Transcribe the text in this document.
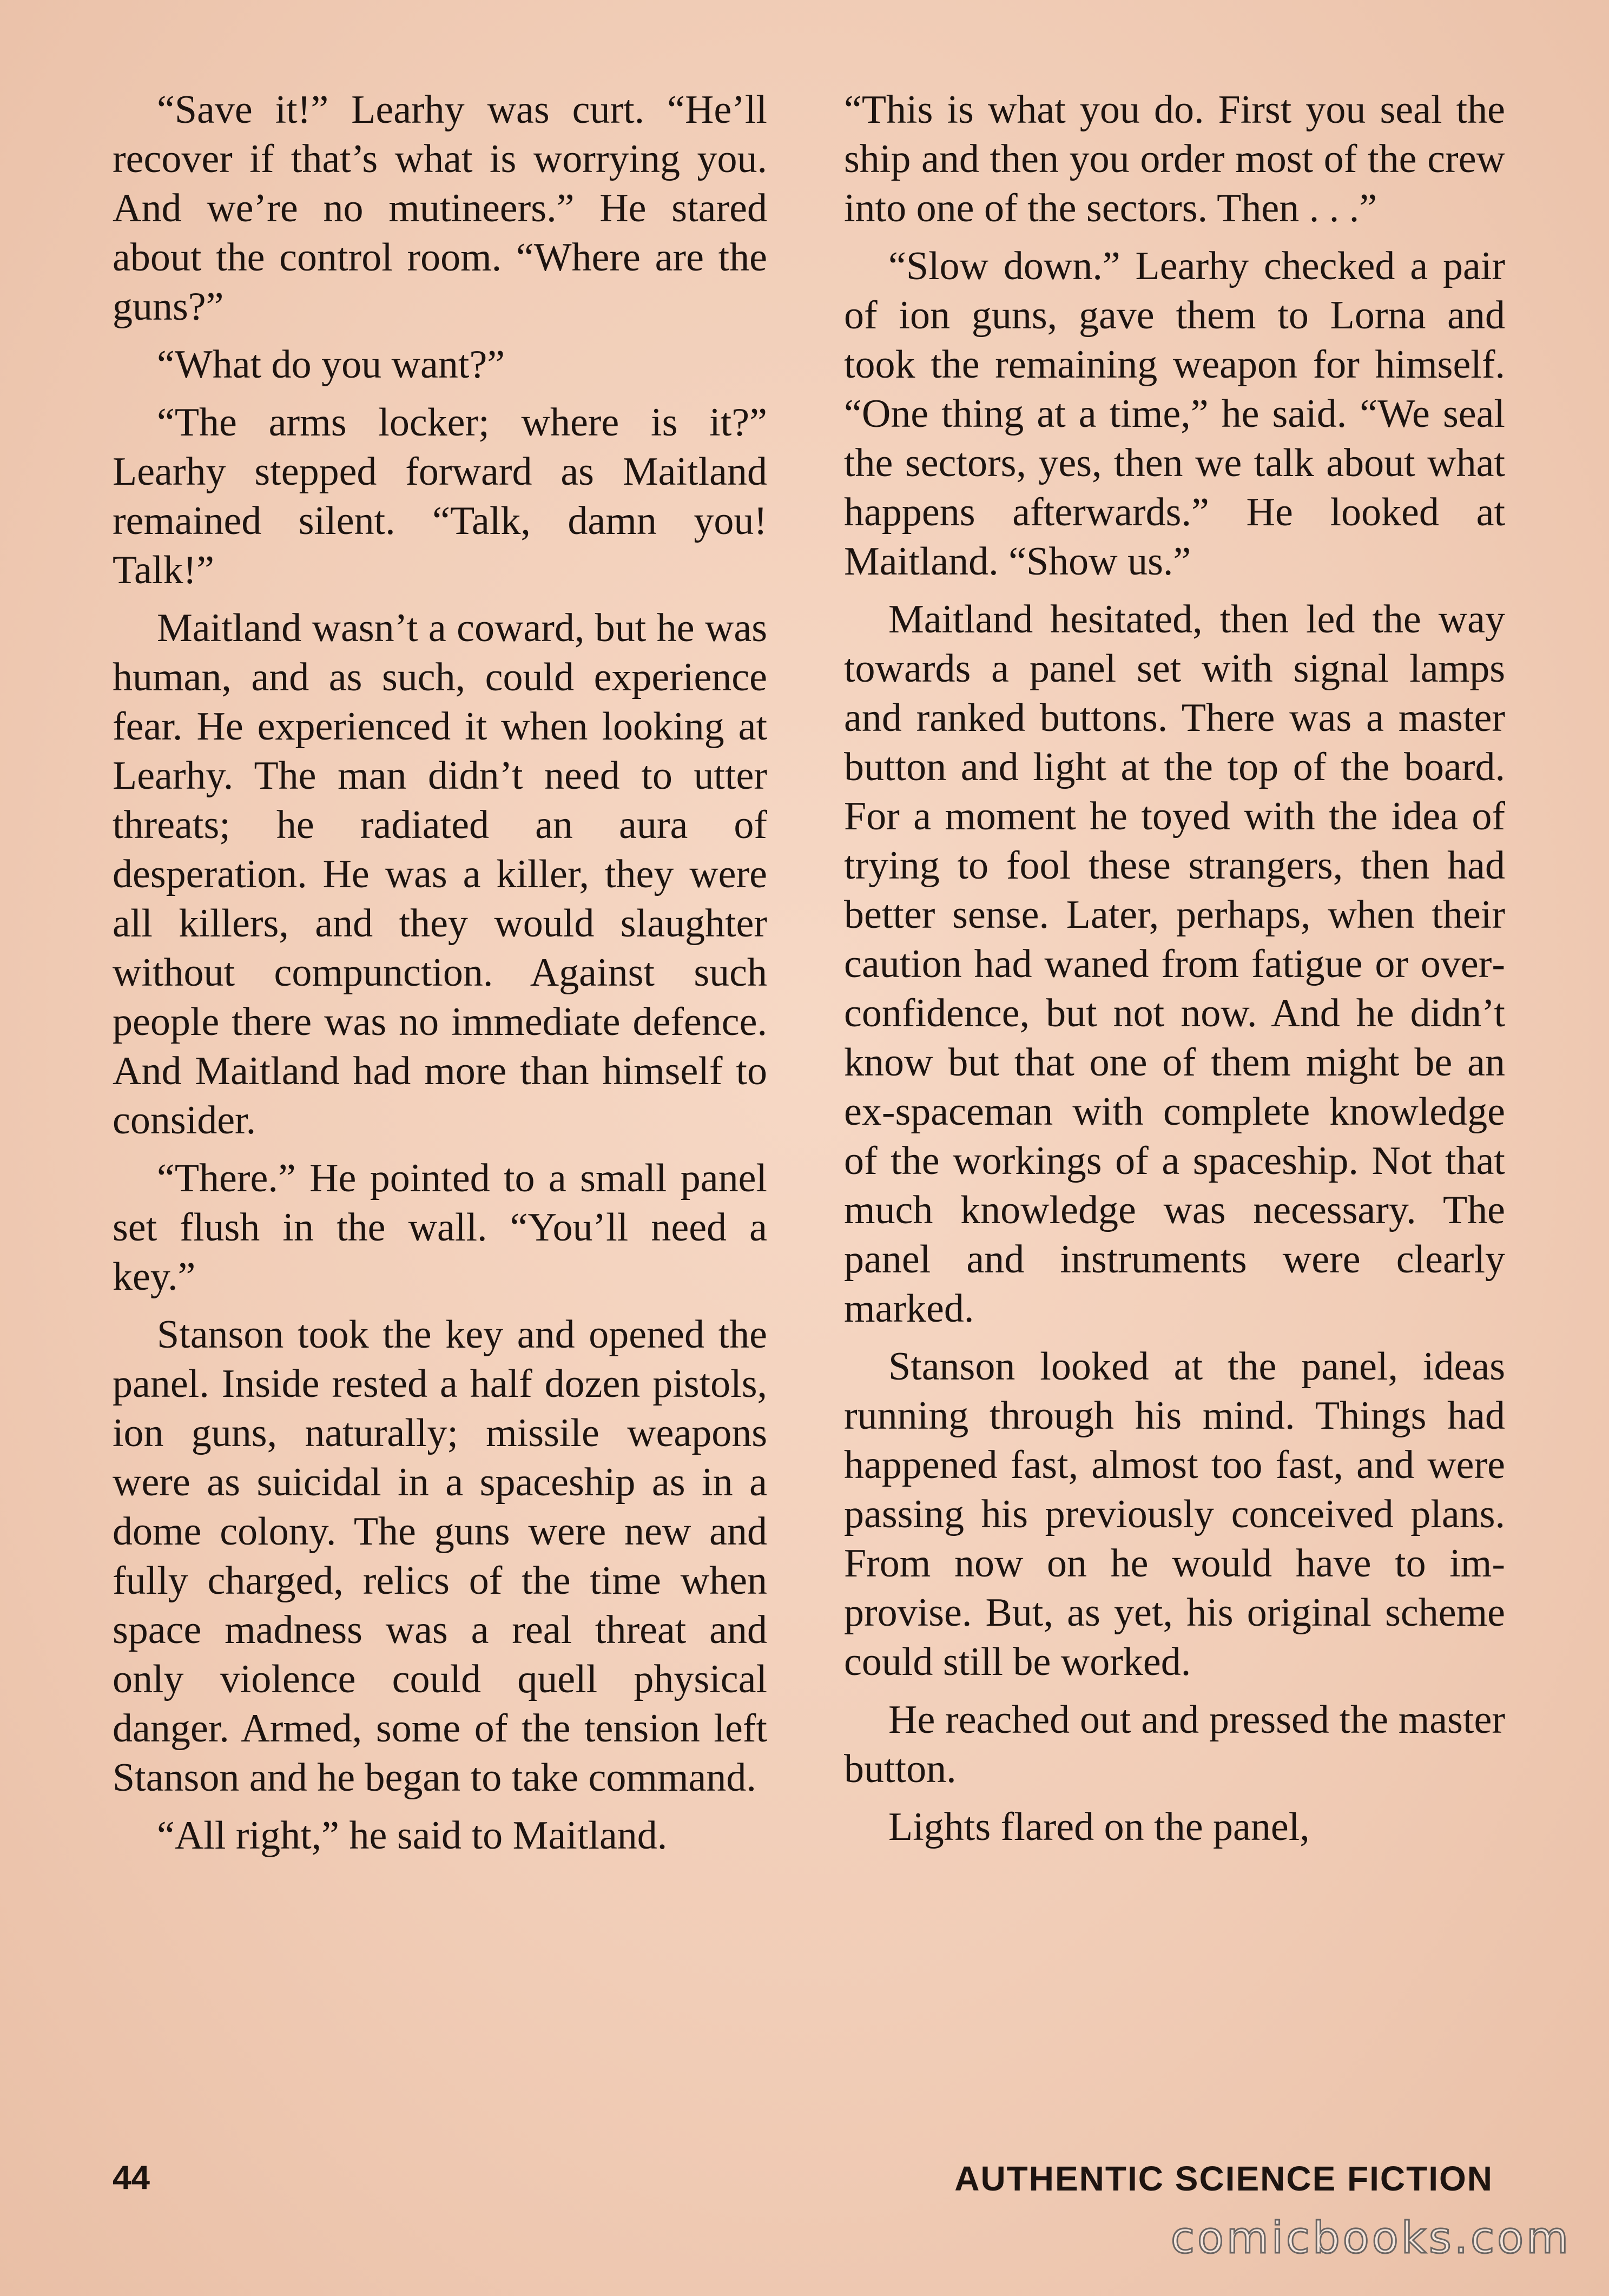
“Save it!” Learhy was curt. “He’ll recover if that’s what is worrying you. And we’re no mutineers.” He stared about the control room. “Where are the guns?”

“What do you want?”

“The arms locker; where is it?” Learhy stepped forward as Maitland remained silent. “Talk, damn you! Talk!”

Maitland wasn’t a coward, but he was human, and as such, could experience fear. He experienced it when looking at Learhy. The man didn’t need to utter threats; he radiated an aura of desperation. He was a killer, they were all killers, and they would slaughter without compunction. Against such people there was no immediate defence. And Maitland had more than himself to consider.

“There.” He pointed to a small panel set flush in the wall. “You’ll need a key.”

Stanson took the key and opened the panel. Inside rested a half dozen pistols, ion guns, naturally; missile weapons were as suicidal in a spaceship as in a dome colony. The guns were new and fully charged, relics of the time when space madness was a real threat and only violence could quell physical danger. Armed, some of the tension left Stanson and he began to take command.

“All right,” he said to Maitland.

“This is what you do. First you seal the ship and then you order most of the crew into one of the sectors. Then . . .”

“Slow down.” Learhy checked a pair of ion guns, gave them to Lorna and took the remaining weapon for himself. “One thing at a time,” he said. “We seal the sectors, yes, then we talk about what happens afterwards.” He looked at Maitland. “Show us.”

Maitland hesitated, then led the way towards a panel set with signal lamps and ranked buttons. There was a master button and light at the top of the board. For a moment he toyed with the idea of trying to fool these strangers, then had better sense. Later, perhaps, when their caution had waned from fatigue or overconfidence, but not now. And he didn’t know but that one of them might be an ex-spaceman with complete knowledge of the workings of a spaceship. Not that much knowledge was necessary. The panel and instruments were clearly marked.

Stanson looked at the panel, ideas running through his mind. Things had happened fast, almost too fast, and were passing his previously conceived plans. From now on he would have to improvise. But, as yet, his original scheme could still be worked.

He reached out and pressed the master button.

Lights flared on the panel,

44	AUTHENTIC SCIENCE FICTION
comicbooks.com
